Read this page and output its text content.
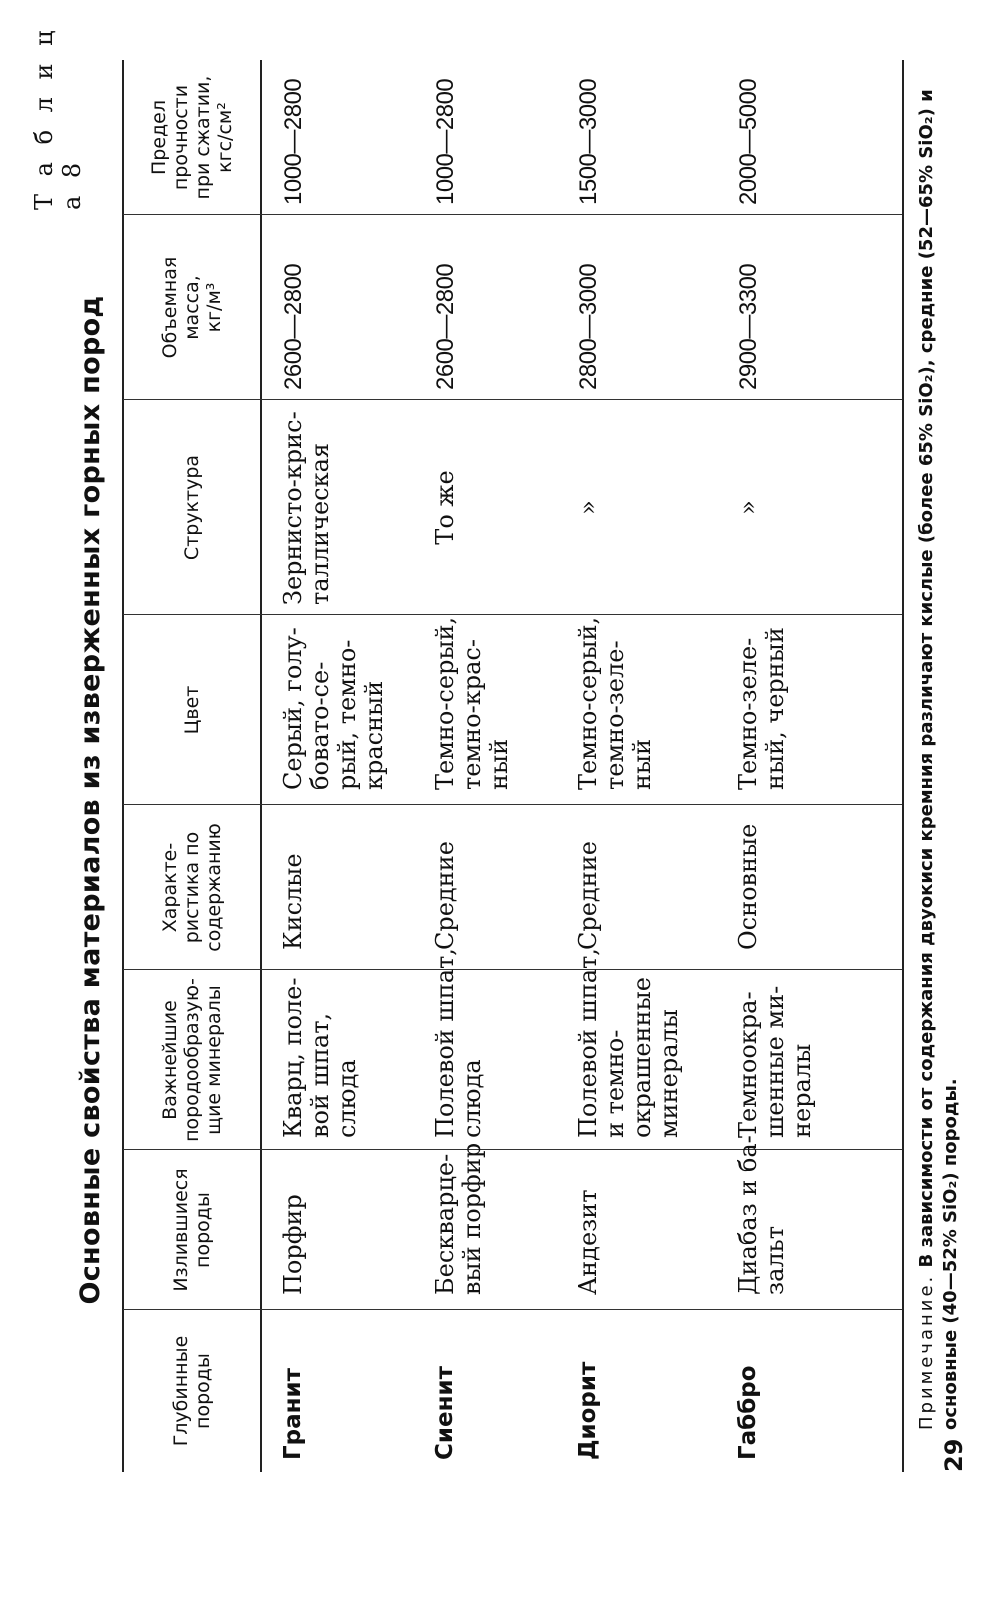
Т а б л и ц а 8
Основные свойства материалов из изверженных горных пород
Глубинные
породы
Излившиеся
породы
Важнейшие
породообразую-
щие минералы
Характе-
ристика по
содержанию
Цвет
Структура
Объемная
масса,
кг/м³
Предел
прочности
при сжатии,
кгс/см²
Гранит
Порфир
Кварц, поле-
вой шпат,
слюда
Кислые
Серый, голу-
бовато-се-
рый, темно-
красный
Зернисто-крис-
таллическая
2600—2800
1000—2800
Сиенит
Бескварце-
вый порфир
Полевой шпат,
слюда
Средние
Темно-серый,
темно-крас-
ный
То же
2600—2800
1000—2800
Диорит
Андезит
Полевой шпат,
и темно-
окрашенные
минералы
Средние
Темно-серый,
темно-зеле-
ный
»
2800—3000
1500—3000
Габбро
Диабаз и ба-
зальт
Темноокра-
шенные ми-
нералы
Основные
Темно-зеле-
ный, черный
»
2900—3300
2000—5000
Примечание. В зависимости от содержания двуокиси кремния различают кислые (более 65% SiO₂), средние (52—65% SiO₂) и основные (40—52% SiO₂) породы.
29
